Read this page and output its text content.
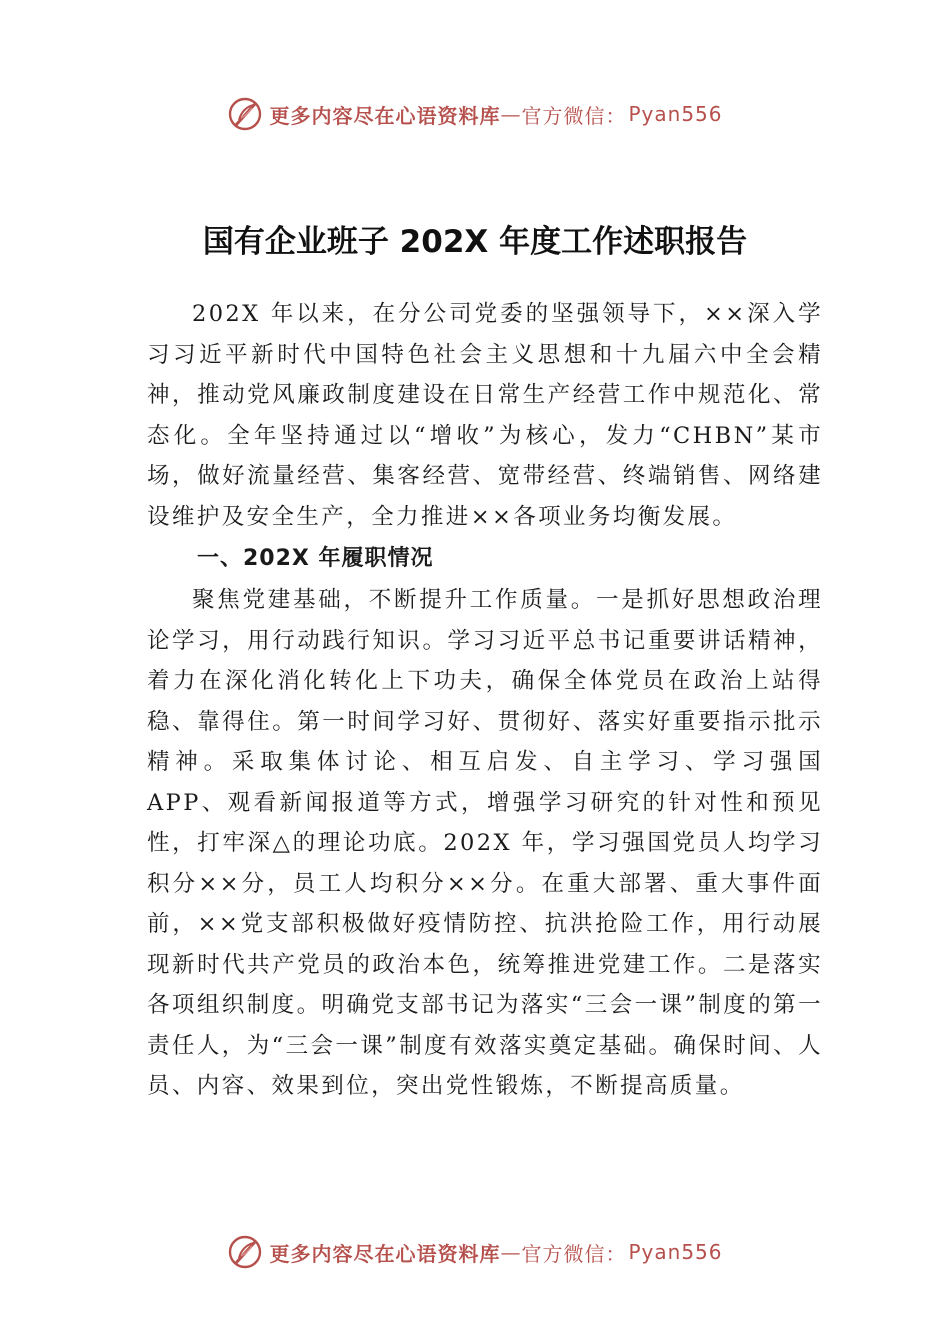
更多内容尽在心语资料库 — 官方微信： Pyan556
国有企业班子 202X 年度工作述职报告

202X 年以来，在分公司党委的坚强领导下，××深入学习习近平新时代中国特色社会主义思想和十九届六中全会精神，推动党风廉政制度建设在日常生产经营工作中规范化、常态化。全年坚持通过以“增收”为核心，发力“CHBN”某市场，做好流量经营、集客经营、宽带经营、终端销售、网络建设维护及安全生产，全力推进××各项业务均衡发展。

一、202X 年履职情况

聚焦党建基础，不断提升工作质量。一是抓好思想政治理论学习，用行动践行知识。学习习近平总书记重要讲话精神，着力在深化消化转化上下功夫，确保全体党员在政治上站得稳、靠得住。第一时间学习好、贯彻好、落实好重要指示批示精神。采取集体讨论、相互启发、自主学习、学习强国 APP、观看新闻报道等方式，增强学习研究的针对性和预见性，打牢深△的理论功底。202X 年，学习强国党员人均学习积分××分，员工人均积分××分。在重大部署、重大事件面前，××党支部积极做好疫情防控、抗洪抢险工作，用行动展现新时代共产党员的政治本色，统筹推进党建工作。二是落实各项组织制度。明确党支部书记为落实“三会一课”制度的第一责任人，为“三会一课”制度有效落实奠定基础。确保时间、人员、内容、效果到位，突出党性锻炼，不断提高质量。

更多内容尽在心语资料库 — 官方微信： Pyan556
